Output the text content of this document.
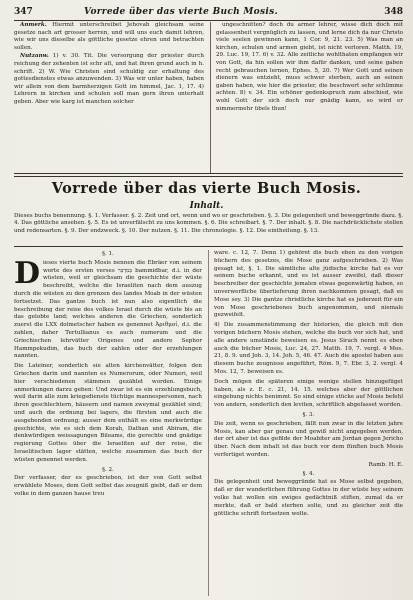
347	Vorrede über das vierte Buch Mosis.	348

Anmerk. Hiermit unterschreibet Jehovah gleichsam seine gesetze nach art grosser herren, und will uns euch damit lehren, wie wir uns dieselbe als göttliche gesetze ehren und betrachten sollen.

Nutzanw. 1) v. 30. Tit. Die versorgung der priester durch reichung der zehenten ist schr alt, und hat ihren grund auch in h. schrift. 2) W. Wie Christen sind schuldig zur erhaltung des gottesdienstes etwas anzuwenden. 3) Was wir unter haben, haben wir allein von dem barmherzigen Gott im himmel, Jac. 1, 17. 4) Lehrern in kirchen und schulen soll man gern ihren unterhalt geben. Aber wie karg ist manchen solcher

ungeschnitten? doch du armer lehrer, wisse dich doch mit gelassenheit vergnüglich zu lassen, und lerne dich da nur Christo viele seelen gewinnen kann, 1 Cor. 9, 21. 23. 5) Was man an kirchen, schulen und armen giebt, ist nicht verloren. Matth. 19, 29. Luc. 19, 17. 6) v. 32. Alle zeitliche wohlthaten empfangen wir von Gott, da hin sollen wir ihm dafür danken, und seine gaben recht gebrauchen lernen, Ephes. 5, 20. 7) Wer Gott und seinen dienern was entzieht, muss schwer sterben, auch an seinen gaben haben, wie hier die priester, die beschwert sehr schlimme achten. 8) v. 34. Ein schöner gedenkspruch zum abschied, wie wohl Gott der sich doch nur gnädig kann, so wird er nimmermehr übels thun!

Vorrede über das vierte Buch Mosis.
Inhalt.

Dieses buchs benennung. §. 1. Verfasser. §. 2. Zeit und ort, wenn und wo er geschrieben. §. 3. Die gelegenheit und beweggründe dazu. §. 4. Das göttliche ansehen. §. 5. Es ist unverfälscht zu uns kommen. §. 6. Die schreibart. §. 7. Der inhalt. §. 8. Die nachdrücklichste stellen und redensarten. §. 9. Der endzweck. §. 10. Der nutzen. §. 11. Die chronologie. §. 12. Die eintheilung. §. 13.

§. 1.

Dieses vierte buch Mosis nennen die Ebräer von seinem worte des ersten verses בְּמִדְבַּר bammidbar, d.i. in der wüsten, weil er gleichsam die geschichte der wüste beschreibt, welche die Israeliten nach dem auszug durch die wüsten zu den grenzen des landes Moab in der wüsten fortsetzet. Das gantze buch ist nun also eigentlich die beschreibung der reise des volkes Israel durch die wüste bis an das gelobte land; welches anderen die Griechen, sonderlich zuerst die LXX dolmetscher haben es genennet Ἀριθμοί, d.i. die zahlen, daher Tertullianus es auch numerum und die Griechischen lehrvätter Origenes und andere Sephor Hammpekudim, das buch der zahlen oder der erzehlungen nannten.

Die Lateiner, sonderlich sie alten kirchenvätter, folgen den Griechen darin und nannten es Numerorum, oder Numeri, weil hier verschiedenen stämmen gezählet worden. Einige anmerkungen darzu geben: Und zwar ist es ein erzehlungsbuch, weil darin alle zum kriegsdienste tüchtige mannespersonen, nach ihren geschlechtern, häusern und namen zweymal gezählet sind; und auch die ordnung bei lagers, die fürsten und auch die ausgebenden ordnung; ausser dem enthält es eine merkwürdige geschichte, wie es sich dem Korah, Dathan und Abiram, die denkwürdigen weissagungen Bileams, die gerechte und gnädige regierung Gottes über die Israeliten auf der reise, die Israelitischen lager stätten, welche zusammen das buch der wüsten genennet werden.

§. 2.

Der verfasser, der es geschrieben, ist der von Gott selbst erwählete Moses, dem Gott selbst das zeugniß giebt, daß er dem volke in dem ganzen hause treu

ware. c. 12, 7. Denn 1) gehöret dis buch eben zu den vorigen büchern des gesetzes, die Mose ganz aufgeschrieben. 2) Was gesagt ist, §. 1. Die sämtliche alte jüdische kirche hat es vor seinem buche erkannt, und es ist ausser zweifel, daß dieser beschreiber der geschichte jemalen etwas gegenwärtig haben, so unverwerfliche überlieferung ihren nachkommen gesagt, daß es Mose sey. 3) Die gantze christliche kirche hat es jederzeit für ein von Mose geschriebenes buch angenommen, und niemals gezweifelt.

4) Die zusammenstimmung der historien, die gleich mit den vorigen büchern Mosis stehen, welche dis buch vor sich hat, und alle andere umstände beweisen es. Jesus Sirach nennt es eben auch die bücher Mosis, Luc. 24, 27. Matth. 19, 7. vergl. 4 Mos. 21, 8. 9. und Joh. 3, 14. Joh. 5, 46. 47. Auch die apostel haben aus diesem buche zeugnisse angeführt, Röm. 9, 7. Ebr. 3, 2. vergl. 4 Mos. 12, 7. beweisen es.

Doch mögen die späteren einige wenige stellen hinzugefüget haben, als z. E. c. 21, 14. 15. welches aber der göttlichen eingebung nichts benimmt. So sind einige stücke auf Mosis befehl von andern, sonderlich den leviten, schriftlich abgefasset worden.

§. 3.

Die zeit, wenn es geschrieben, fällt nun zwar in die letzten jahre Mosis, kan aber gar genau und gewiß nicht angegeben werden, der ort aber ist das gefilde der Moabiter am Jordan gegen Jericho über. Nach dem inhalt ist das buch vor dem fünften buch Mosis verfertiget worden.

Ramb. H. E.
§. 4.

Die gelegenheit und beweggründe hat es Mose selbst gegeben, daß er der wunderlichen führung Gottes in der wüste bey seinem volke hat wollen ein ewiges gedächtniß stiften, zumal da er merkte, daß er bald sterben solte, und zu gleicher zeit die göttliche schrift fortsetzen wolte.
